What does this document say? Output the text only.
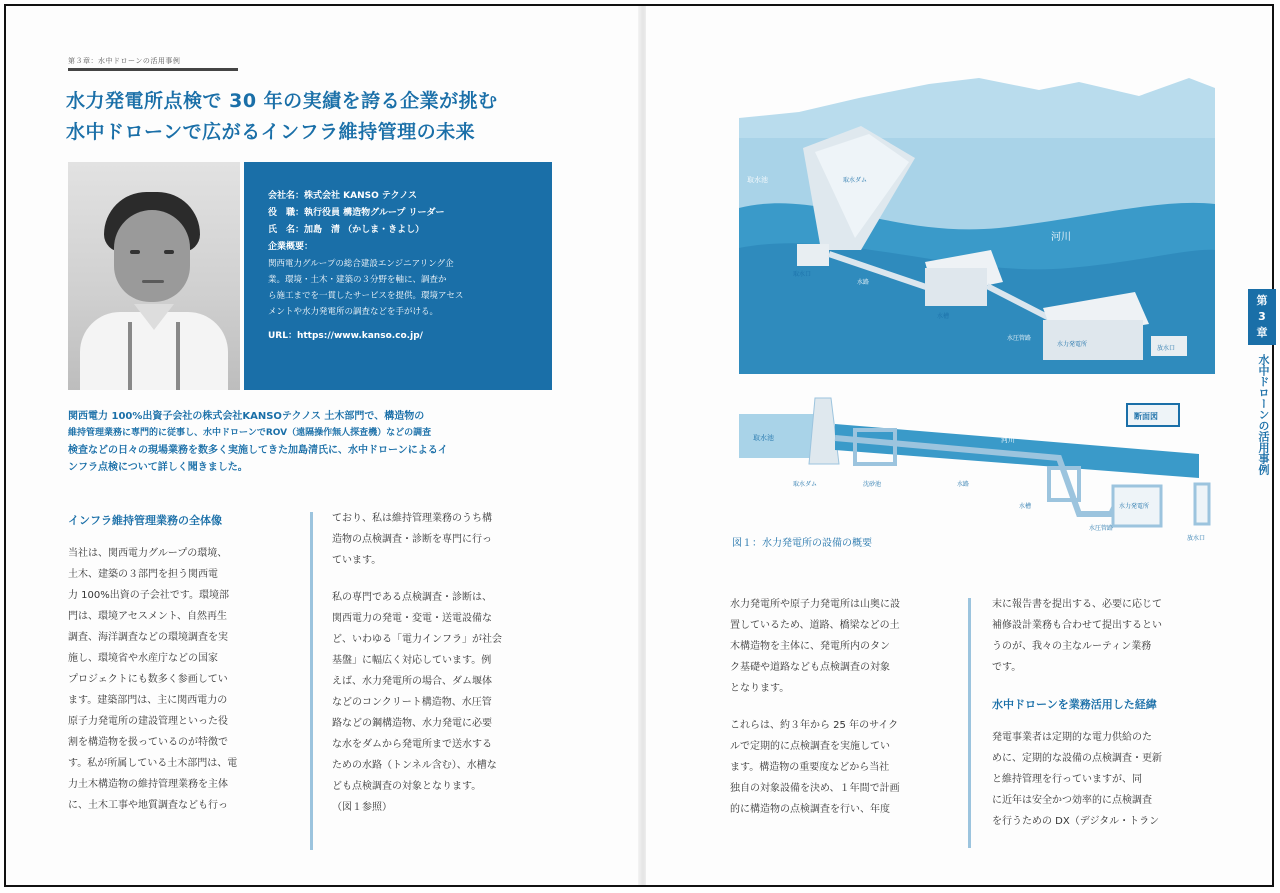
第３章：水中ドローンの活用事例
水力発電所点検で 30 年の実績を誇る企業が挑む
水中ドローンで広がるインフラ維持管理の未来
会社名：株式会社 KANSO テクノス
役　職：執行役員 構造物グループ リーダー
氏　名：加島　清 （かしま・きよし）
企業概要：
関西電力グループの総合建設エンジニアリング企
業。環境・土木・建築の３分野を軸に、調査か
ら施工までを一貫したサービスを提供。環境アセス
メントや水力発電所の調査などを手がける。
URL：https://www.kanso.co.jp/
関西電力 100%出資子会社の株式会社KANSOテクノス 土木部門で、構造物の
維持管理業務に専門的に従事し、水中ドローンでROV（遠隔操作無人探査機）などの調査
検査などの日々の現場業務を数多く実施してきた加島清氏に、水中ドローンによるイ
ンフラ点検について詳しく聞きました。
インフラ維持管理業務の全体像
当社は、関西電力グループの環境、
土木、建築の３部門を担う関西電
力 100%出資の子会社です。環境部
門は、環境アセスメント、自然再生
調査、海洋調査などの環境調査を実
施し、環境省や水産庁などの国家
プロジェクトにも数多く参画してい
ます。建築部門は、主に関西電力の
原子力発電所の建設管理といった役
割を構造物を扱っているのが特徴で
す。私が所属している土木部門は、電
力土木構造物の維持管理業務を主体
に、土木工事や地質調査なども行っ

ており、私は維持管理業務のうち構
造物の点検調査・診断を専門に行っ
ています。

私の専門である点検調査・診断は、
関西電力の発電・変電・送電設備な
ど、いわゆる「電力インフラ」が社会
基盤」に幅広く対応しています。例
えば、水力発電所の場合、ダム堰体
などのコンクリート構造物、水圧管
路などの鋼構造物、水力発電に必要
な水をダムから発電所まで送水する
ための水路（トンネル含む）、水槽な
ども点検調査の対象となります。
（図１参照）

取水池	取水ダム
取水口
河川
水路
水槽
水圧管路
水力発電所
放水口
断面図
取水池
取水ダム	沈砂池	水路
河川
水槽
水圧管路
水力発電所
放水口
図１：水力発電所の設備の概要

水力発電所や原子力発電所は山奥に設
置しているため、道路、橋梁などの土
木構造物を主体に、発電所内のタン
ク基礎や道路なども点検調査の対象
となります。

これらは、約３年から 25 年のサイク
ルで定期的に点検調査を実施してい
ます。構造物の重要度などから当社
独自の対象設備を決め、１年間で計画
的に構造物の点検調査を行い、年度

末に報告書を提出する、必要に応じて
補修設計業務も合わせて提出するとい
うのが、我々の主なルーティン業務
です。

水中ドローンを業務活用した経緯
発電事業者は定期的な電力供給のた
めに、定期的な設備の点検調査・更新
と維持管理を行っていますが、同
に近年は安全かつ効率的に点検調査
を行うための DX（デジタル・トラン
第
3
章
水中ドローンの活用事例
